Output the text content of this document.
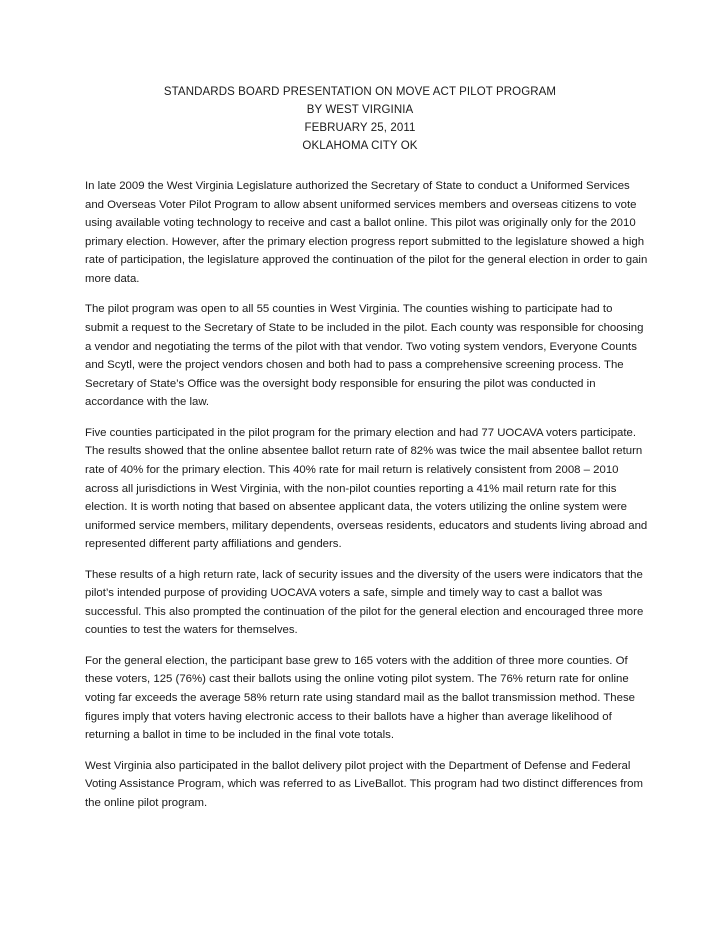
STANDARDS BOARD PRESENTATION ON MOVE ACT PILOT PROGRAM
BY WEST VIRGINIA
FEBRUARY 25, 2011
OKLAHOMA CITY OK

In late 2009 the West Virginia Legislature authorized the Secretary of State to conduct a Uniformed Services and Overseas Voter Pilot Program to allow absent uniformed services members and overseas citizens to vote using available voting technology to receive and cast a ballot online. This pilot was originally only for the 2010 primary election. However, after the primary election progress report submitted to the legislature showed a high rate of participation, the legislature approved the continuation of the pilot for the general election in order to gain more data.

The pilot program was open to all 55 counties in West Virginia. The counties wishing to participate had to submit a request to the Secretary of State to be included in the pilot. Each county was responsible for choosing a vendor and negotiating the terms of the pilot with that vendor. Two voting system vendors, Everyone Counts and Scytl, were the project vendors chosen and both had to pass a comprehensive screening process. The Secretary of State’s Office was the oversight body responsible for ensuring the pilot was conducted in accordance with the law.

Five counties participated in the pilot program for the primary election and had 77 UOCAVA voters participate. The results showed that the online absentee ballot return rate of 82% was twice the mail absentee ballot return rate of 40% for the primary election. This 40% rate for mail return is relatively consistent from 2008 – 2010 across all jurisdictions in West Virginia, with the non-pilot counties reporting a 41% mail return rate for this election. It is worth noting that based on absentee applicant data, the voters utilizing the online system were uniformed service members, military dependents, overseas residents, educators and students living abroad and represented different party affiliations and genders.

These results of a high return rate, lack of security issues and the diversity of the users were indicators that the pilot’s intended purpose of providing UOCAVA voters a safe, simple and timely way to cast a ballot was successful. This also prompted the continuation of the pilot for the general election and encouraged three more counties to test the waters for themselves.

For the general election, the participant base grew to 165 voters with the addition of three more counties. Of these voters, 125 (76%) cast their ballots using the online voting pilot system. The 76% return rate for online voting far exceeds the average 58% return rate using standard mail as the ballot transmission method. These figures imply that voters having electronic access to their ballots have a higher than average likelihood of returning a ballot in time to be included in the final vote totals.

West Virginia also participated in the ballot delivery pilot project with the Department of Defense and Federal Voting Assistance Program, which was referred to as LiveBallot. This program had two distinct differences from the online pilot program.
